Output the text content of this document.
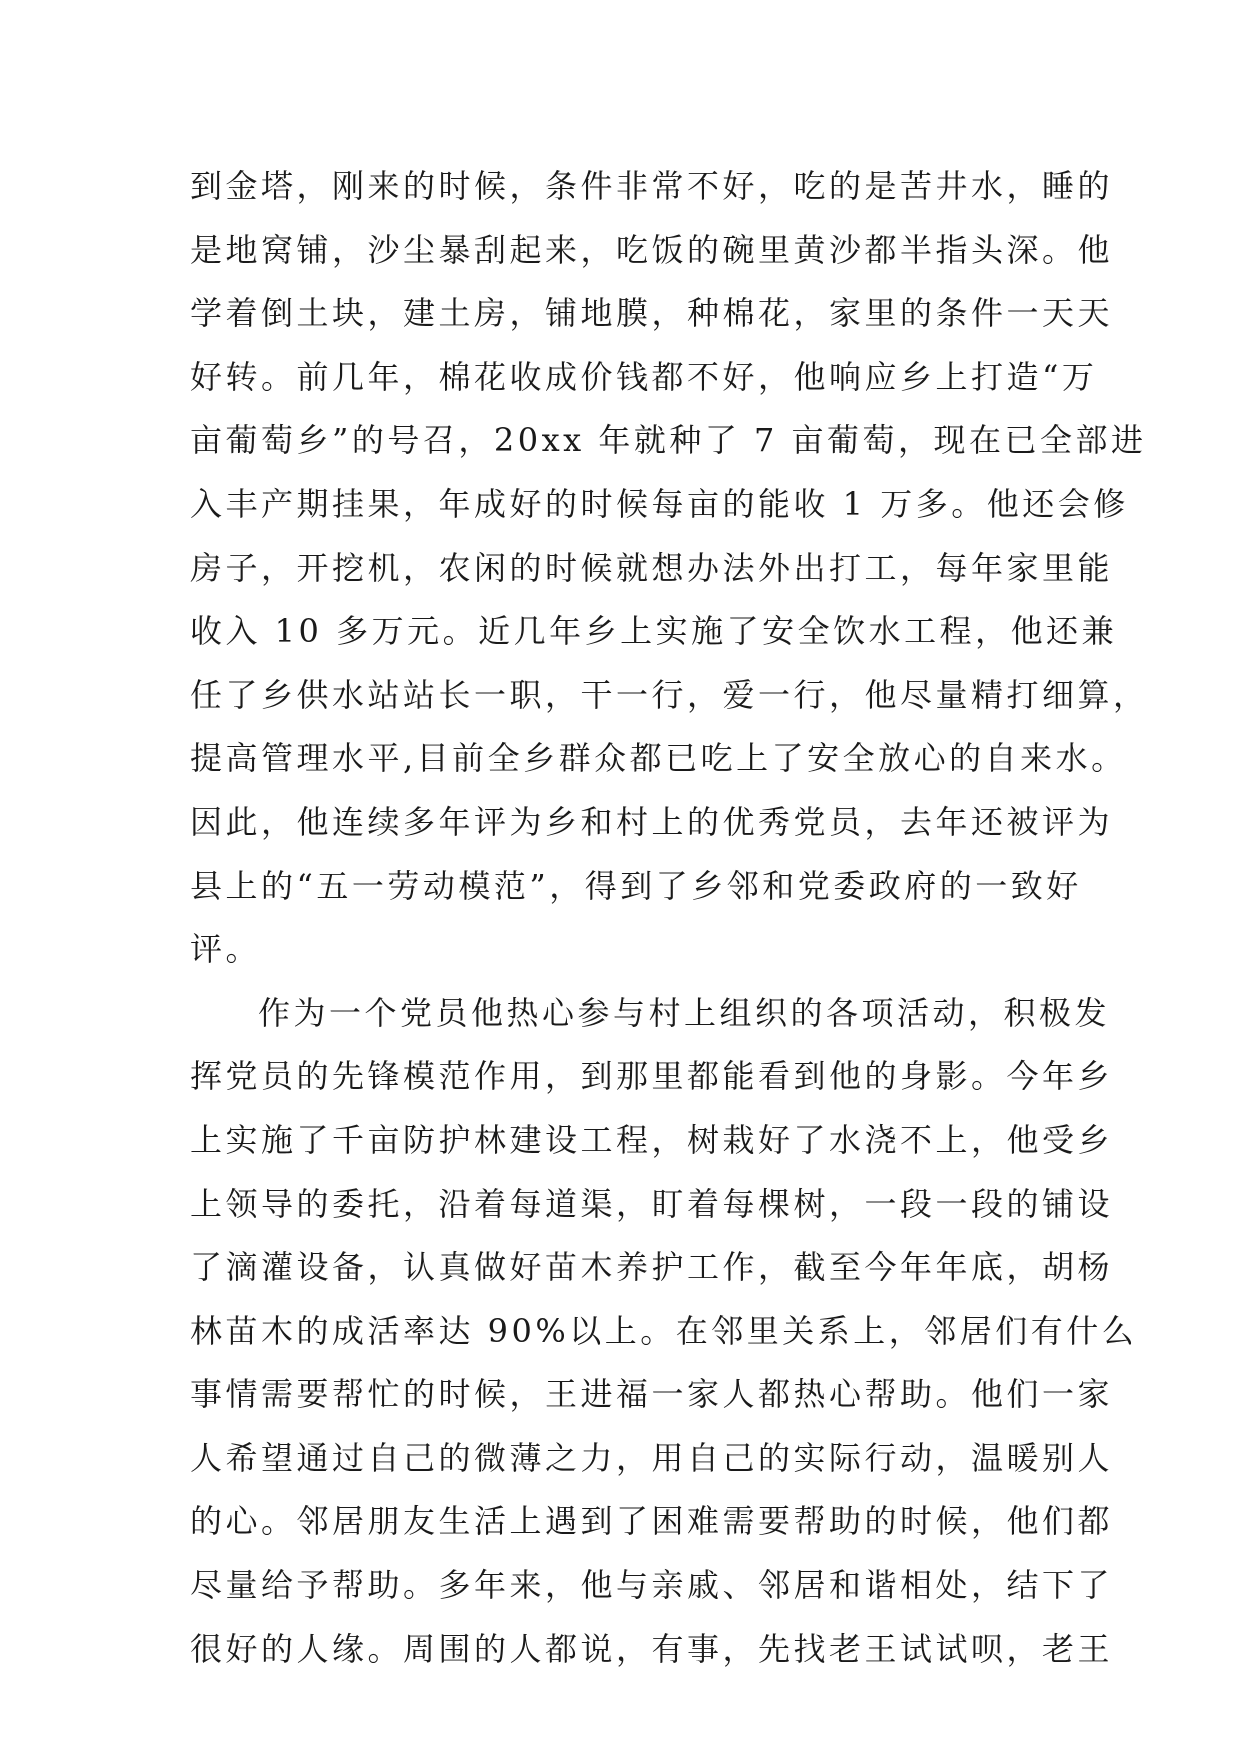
到金塔，刚来的时候，条件非常不好，吃的是苦井水，睡的
是地窝铺，沙尘暴刮起来，吃饭的碗里黄沙都半指头深。他
学着倒土块，建土房，铺地膜，种棉花，家里的条件一天天
好转。前几年，棉花收成价钱都不好，他响应乡上打造“万
亩葡萄乡”的号召，20xx 年就种了 7 亩葡萄，现在已全部进
入丰产期挂果，年成好的时候每亩的能收 1 万多。他还会修
房子，开挖机，农闲的时候就想办法外出打工，每年家里能
收入 10 多万元。近几年乡上实施了安全饮水工程，他还兼
任了乡供水站站长一职，干一行，爱一行，他尽量精打细算，
提高管理水平,目前全乡群众都已吃上了安全放心的自来水。
因此，他连续多年评为乡和村上的优秀党员，去年还被评为
县上的“五一劳动模范”，得到了乡邻和党委政府的一致好
评。
作为一个党员他热心参与村上组织的各项活动，积极发
挥党员的先锋模范作用，到那里都能看到他的身影。今年乡
上实施了千亩防护林建设工程，树栽好了水浇不上，他受乡
上领导的委托，沿着每道渠，盯着每棵树，一段一段的铺设
了滴灌设备，认真做好苗木养护工作，截至今年年底，胡杨
林苗木的成活率达 90%以上。在邻里关系上，邻居们有什么
事情需要帮忙的时候，王进福一家人都热心帮助。他们一家
人希望通过自己的微薄之力，用自己的实际行动，温暖别人
的心。邻居朋友生活上遇到了困难需要帮助的时候，他们都
尽量给予帮助。多年来，他与亲戚、邻居和谐相处，结下了
很好的人缘。周围的人都说，有事，先找老王试试呗，老王
